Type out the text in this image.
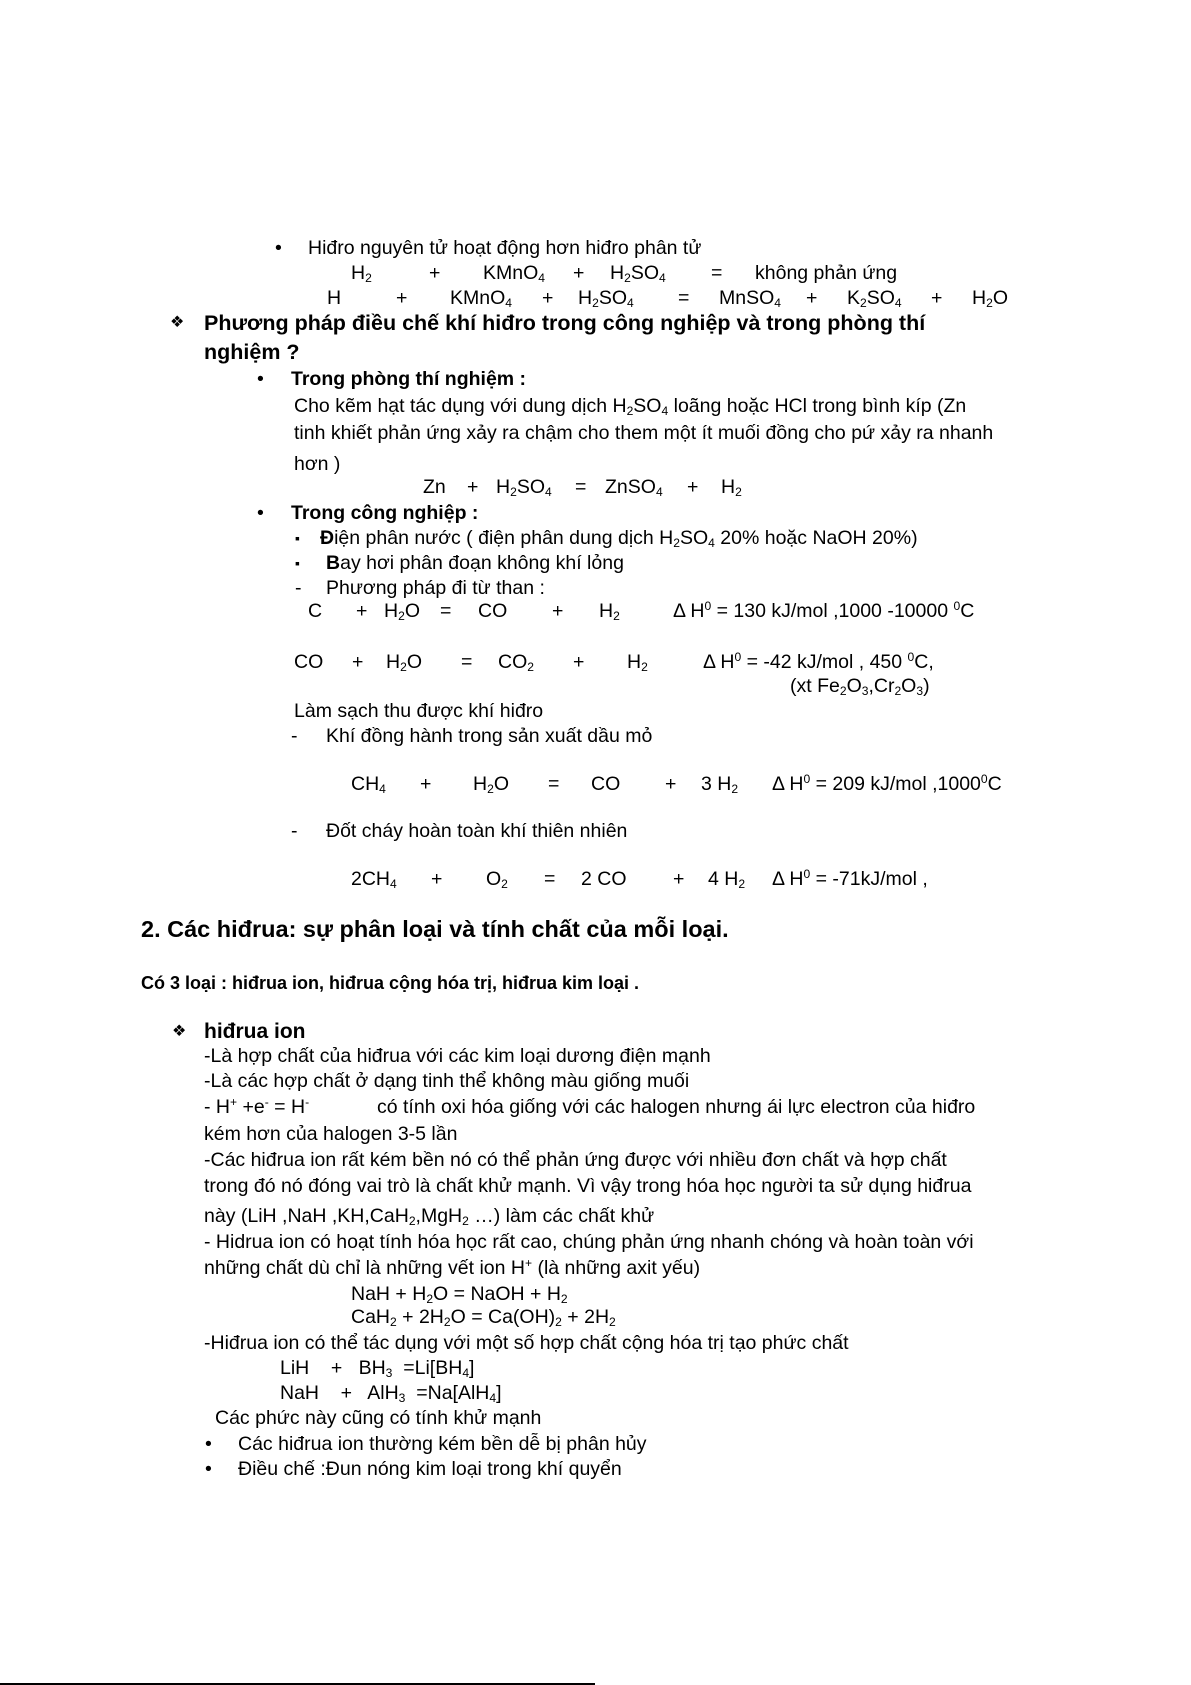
• Hiđro nguyên tử hoạt động hơn hiđro phân tử
$H_2$	+ KMnO$_4$ + $H_2SO_4$ = không phản ứng
H	+ KMnO$_4$ + $H_2SO_4$ = MnSO$_4$ + $K_2SO_4 + H_2O$
❖ Phương pháp điều chế khí hiđro trong công nghiệp và trong phòng thí
nghiệm ?
• Trong phòng thí nghiệm :
Cho kẽm hạt tác dụng với dung dịch $H_2SO_4$ loãng hoặc HCl trong bình kíp (Zn
tinh khiết phản ứng xảy ra chậm cho them một ít muối đồng cho pứ xảy ra nhanh
hơn )
$Zn + H_2SO_4$ = ZnSO$_4$ + $H_2$
• Trong công nghiệp :
▪ Điện phân nước ( điện phân dung dịch $H_2SO_4$ 20% hoặc NaOH 20%)
▪ Bay hơi phân đoạn không khí lỏng
- Phương pháp đi từ than :
$C + H_2O$ = CO + $H_2$	Δ $H^0 = 130$ kJ/mol ,1000 -10000 $^0$C
CO + $H_2O = CO_2 + H_2$	Δ $H^0 = -42$ kJ/mol , 450 $^0$C,
(xt $Fe_2O_3,Cr_2O_3$)
Làm sạch thu được khí hiđro
- Khí đồng hành trong sản xuất dầu mỏ
$CH_4 + H_2O$ = CO + 3 $H_2$ Δ $H^0 = 209$ kJ/mol ,1000$^0$C
- Đốt cháy hoàn toàn khí thiên nhiên
$2CH_4 + O_2 = 2$ CO + 4 $H_2$ Δ $H^0 = -71kJ/mol$ ,
2. Các hiđrua: sự phân loại và tính chất của mỗi loại.
Có 3 loại : hiđrua ion, hiđrua cộng hóa trị, hiđrua kim loại .
❖ hiđrua ion
-Là hợp chất của hiđrua với các kim loại dương điện mạnh
-Là các hợp chất ở dạng tinh thể không màu giống muối
- H+ +e- = H-	có tính oxi hóa giống với các halogen nhưng ái lực electron của hiđro
kém hơn của halogen 3-5 lần
-Các hiđrua ion rất kém bền nó có thể phản ứng được với nhiều đơn chất và hợp chất
trong đó nó đóng vai trò là chất khử mạnh. Vì vậy trong hóa học người ta sử dụng hiđrua
này (LiH ,NaH ,KH,CaH$_2$,MgH$_2$ …) làm các chất khử
- Hidrua ion có hoạt tính hóa học rất cao, chúng phản ứng nhanh chóng và hoàn toàn với
những chất dù chỉ là những vết ion H+ (là những axit yếu)
NaH + $H_2O$ = NaOH + $H_2$
$CaH_2 + 2H_2O = Ca(OH)_2 + 2H_2$
-Hiđrua ion có thể tác dụng với một số hợp chất cộng hóa trị tạo phức chất
LiH    +   $BH_3 =Li[BH_4]$
NaH    +   AlH$_3$  =Na[AlH$_4$]
Các phức này cũng có tính khử mạnh
• Các hiđrua ion thường kém bền dễ bị phân hủy
• Điều chế :Đun nóng kim loại trong khí quyển
